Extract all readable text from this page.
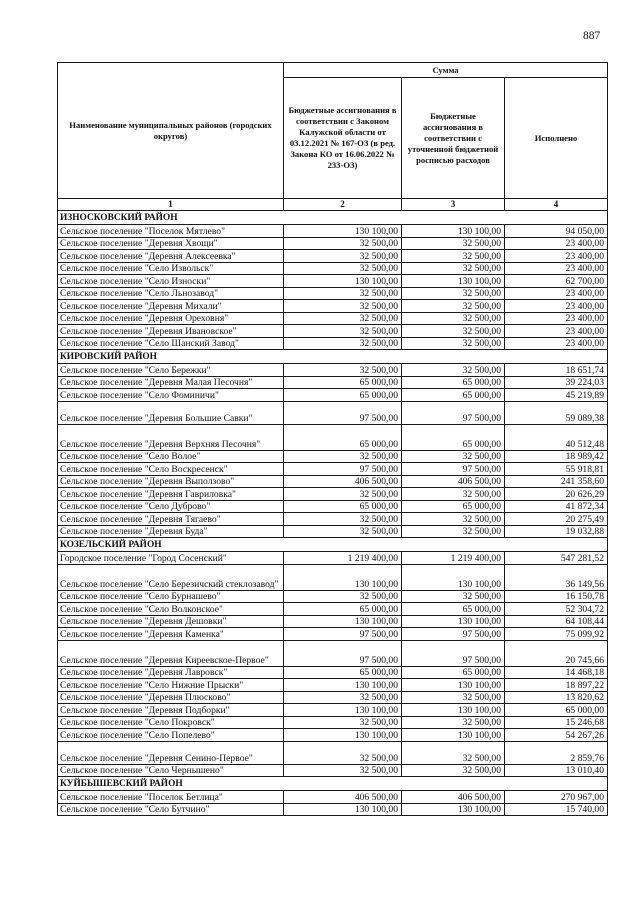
887
Наименование муниципальных районов (городских округов)	Сумма		
	Бюджетные ассигнования в соответствии с Законом Калужской области от 03.12.2021 № 167-ОЗ (в ред. Закона КО от 16.06.2022 № 233-ОЗ)	Бюджетные ассигнования в соответствии с уточненной бюджетной росписью расходов	Исполнено
1	2	3	4
ИЗНОСКОВСКИЙ РАЙОН			
Сельское поселение "Поселок Мятлево"	130 100,00	130 100,00	94 050,00
Сельское поселение "Деревня Хвощи"	32 500,00	32 500,00	23 400,00
Сельское поселение "Деревня Алексеевка"	32 500,00	32 500,00	23 400,00
Сельское поселение "Село Извольск"	32 500,00	32 500,00	23 400,00
Сельское поселение "Село Износки"	130 100,00	130 100,00	62 700,00
Сельское поселение "Село Льнозавод"	32 500,00	32 500,00	23 400,00
Сельское поселение "Деревня Михали"	32 500,00	32 500,00	23 400,00
Сельское поселение "Деревня Ореховня"	32 500,00	32 500,00	23 400,00
Сельское поселение "Деревня Ивановское"	32 500,00	32 500,00	23 400,00
Сельское поселение "Село Шанский Завод"	32 500,00	32 500,00	23 400,00
КИРОВСКИЙ РАЙОН			
Сельское поселение "Село Бережки"	32 500,00	32 500,00	18 651,74
Сельское поселение "Деревня Малая Песочня"	65 000,00	65 000,00	39 224,03
Сельское поселение "Село Фоминичи"	65 000,00	65 000,00	45 219,89
Сельское поселение "Деревня Большие Савки"	97 500,00	97 500,00	59 089,38
Сельское поселение "Деревня Верхняя Песочня"	65 000,00	65 000,00	40 512,48
Сельское поселение "Село Волое"	32 500,00	32 500,00	18 989,42
Сельское поселение "Село Воскресенск"	97 500,00	97 500,00	55 918,81
Сельское поселение "Деревня Выползово"	406 500,00	406 500,00	241 358,60
Сельское поселение "Деревня Гавриловка"	32 500,00	32 500,00	20 626,29
Сельское поселение "Село Дуброво"	65 000,00	65 000,00	41 872,34
Сельское поселение "Деревня Тягаево"	32 500,00	32 500,00	20 275,49
Сельское поселение "Деревня Буда"	32 500,00	32 500,00	19 032,88
КОЗЕЛЬСКИЙ РАЙОН			
Городское поселение "Город Сосенский"	1 219 400,00	1 219 400,00	547 281,52
Сельское поселение "Село Березичский стеклозавод"	130 100,00	130 100,00	36 149,56
Сельское поселение "Село Бурнашево"	32 500,00	32 500,00	16 150,78
Сельское поселение "Село Волконское"	65 000,00	65 000,00	52 304,72
Сельское поселение "Деревня Дешовки"	130 100,00	130 100,00	64 108,44
Сельское поселение "Деревня Каменка"	97 500,00	97 500,00	75 099,92
Сельское поселение "Деревня Киреевское-Первое"	97 500,00	97 500,00	20 745,66
Сельское поселение "Деревня Лавровск"	65 000,00	65 000,00	14 468,18
Сельское поселение "Село Нижние Прыски"	130 100,00	130 100,00	18 897,22
Сельское поселение "Деревня Плюсково"	32 500,00	32 500,00	13 820,62
Сельское поселение "Деревня Подборки"	130 100,00	130 100,00	65 000,00
Сельское поселение "Село Покровск"	32 500,00	32 500,00	15 246,68
Сельское поселение "Село Попелево"	130 100,00	130 100,00	54 267,26
Сельское поселение "Деревня Сенино-Первое"	32 500,00	32 500,00	2 859,76
Сельское поселение "Село Чернышено"	32 500,00	32 500,00	13 010,40
КУЙБЫШЕВСКИЙ РАЙОН			
Сельское поселение "Поселок Бетлица"	406 500,00	406 500,00	270 967,00
Сельское поселение "Село Бутчино"	130 100,00	130 100,00	15 740,00
